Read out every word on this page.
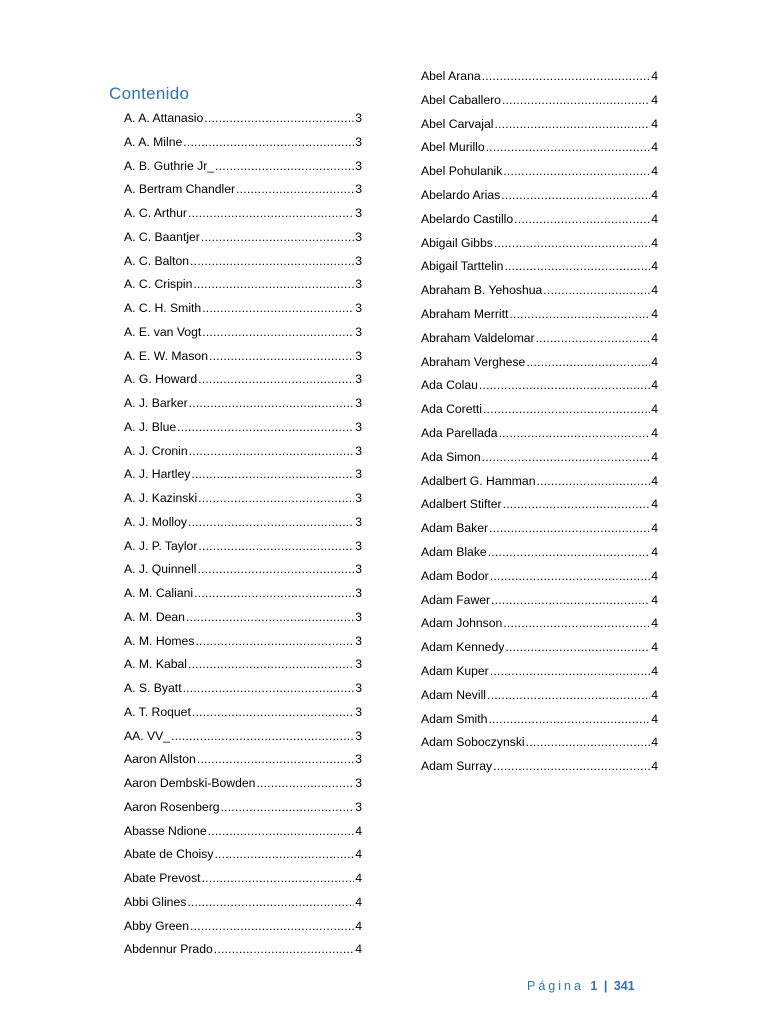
Contenido
A. A. Attanasio .....	3
A. A. Milne .....	3
A. B. Guthrie Jr_ .....	3
A. Bertram Chandler .....	3
A. C. Arthur .....	3
A. C. Baantjer .....	3
A. C. Balton .....	3
A. C. Crispin .....	3
A. C. H. Smith .....	3
A. E. van Vogt .....	3
A. E. W. Mason .....	3
A. G. Howard .....	3
A. J. Barker .....	3
A. J. Blue .....	3
A. J. Cronin .....	3
A. J. Hartley .....	3
A. J. Kazinski .....	3
A. J. Molloy .....	3
A. J. P. Taylor .....	3
A. J. Quinnell .....	3
A. M. Caliani .....	3
A. M. Dean .....	3
A. M. Homes .....	3
A. M. Kabal .....	3
A. S. Byatt .....	3
A. T. Roquet .....	3
AA. VV_ .....	3
Aaron Allston .....	3
Aaron Dembski-Bowden .....	3
Aaron Rosenberg .....	3
Abasse Ndione .....	4
Abate de Choisy .....	4
Abate Prevost .....	4
Abbi Glines .....	4
Abby Green .....	4
Abdennur Prado .....	4
Abel Arana .....	4
Abel Caballero .....	4
Abel Carvajal .....	4
Abel Murillo .....	4
Abel Pohulanik .....	4
Abelardo Arias .....	4
Abelardo Castillo .....	4
Abigail Gibbs .....	4
Abigail Tarttelin .....	4
Abraham B. Yehoshua .....	4
Abraham Merritt .....	4
Abraham Valdelomar .....	4
Abraham Verghese .....	4
Ada Colau .....	4
Ada Coretti .....	4
Ada Parellada .....	4
Ada Simon .....	4
Adalbert G. Hamman .....	4
Adalbert Stifter .....	4
Adam Baker .....	4
Adam Blake .....	4
Adam Bodor .....	4
Adam Fawer .....	4
Adam Johnson .....	4
Adam Kennedy .....	4
Adam Kuper .....	4
Adam Nevill .....	4
Adam Smith .....	4
Adam Soboczynski .....	4
Adam Surray .....	4
Página 1 | 341
